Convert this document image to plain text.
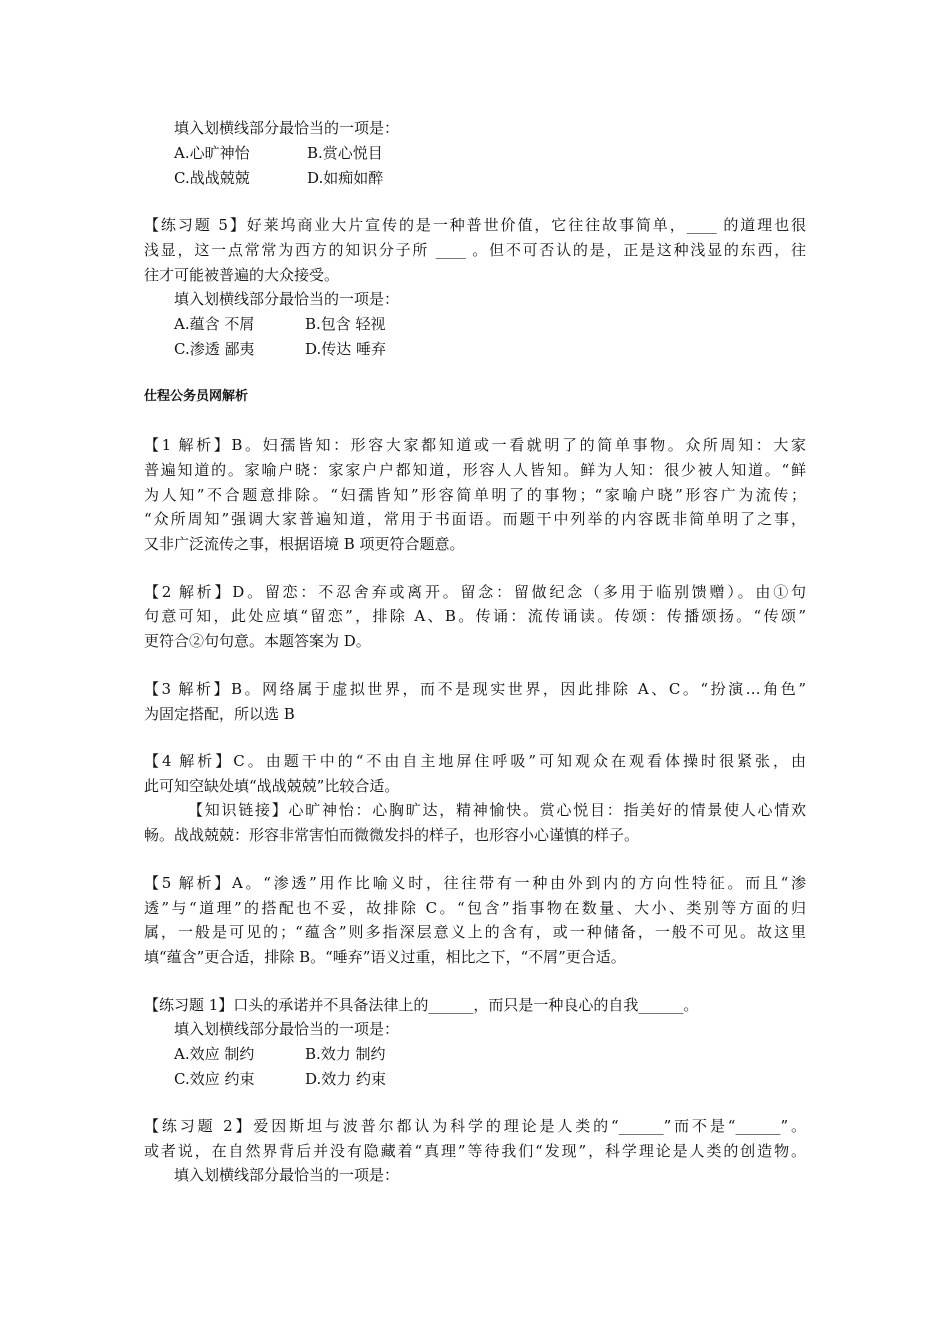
填入划横线部分最恰当的一项是：
A.心旷神怡	B.赏心悦目
C.战战兢兢	D.如痴如醉
【练习题 5】好莱坞商业大片宣传的是一种普世价值，它往往故事简单，____ 的道理也很
浅显，这一点常常为西方的知识分子所 ____ 。但不可否认的是，正是这种浅显的东西，往
往才可能被普遍的大众接受。
填入划横线部分最恰当的一项是：
A.蕴含 不屑	B.包含 轻视
C.渗透 鄙夷	D.传达 唾弃
仕程公务员网解析
【1 解析】B。妇孺皆知：形容大家都知道或一看就明了的简单事物。众所周知：大家
普遍知道的。家喻户晓：家家户户都知道，形容人人皆知。鲜为人知：很少被人知道。“鲜
为人知”不合题意排除。“妇孺皆知”形容简单明了的事物；“家喻户晓”形容广为流传；
“众所周知”强调大家普遍知道，常用于书面语。而题干中列举的内容既非简单明了之事，
又非广泛流传之事，根据语境 B 项更符合题意。
【2 解析】D。留恋：不忍舍弃或离开。留念：留做纪念（多用于临别馈赠）。由①句
句意可知，此处应填“留恋”，排除 A、B。传诵：流传诵读。传颂：传播颂扬。“传颂”
更符合②句句意。本题答案为 D。
【3 解析】B。网络属于虚拟世界，而不是现实世界，因此排除 A、C。“扮演…角色”
为固定搭配，所以选 B
【4 解析】C。由题干中的“不由自主地屏住呼吸”可知观众在观看体操时很紧张，由
此可知空缺处填“战战兢兢”比较合适。
【知识链接】心旷神怡：心胸旷达，精神愉快。赏心悦目：指美好的情景使人心情欢
畅。战战兢兢：形容非常害怕而微微发抖的样子，也形容小心谨慎的样子。
【5 解析】A。“渗透”用作比喻义时，往往带有一种由外到内的方向性特征。而且“渗
透”与“道理”的搭配也不妥，故排除 C。“包含”指事物在数量、大小、类别等方面的归
属，一般是可见的；“蕴含”则多指深层意义上的含有，或一种储备，一般不可见。故这里
填“蕴含”更合适，排除 B。“唾弃”语义过重，相比之下，“不屑”更合适。
【练习题 1】口头的承诺并不具备法律上的______，而只是一种良心的自我______。
填入划横线部分最恰当的一项是：
A.效应 制约	B.效力 制约
C.效应 约束	D.效力 约束
【练习题 2】爱因斯坦与波普尔都认为科学的理论是人类的“______”而不是“______”。
或者说，在自然界背后并没有隐藏着“真理”等待我们“发现”，科学理论是人类的创造物。
填入划横线部分最恰当的一项是：
